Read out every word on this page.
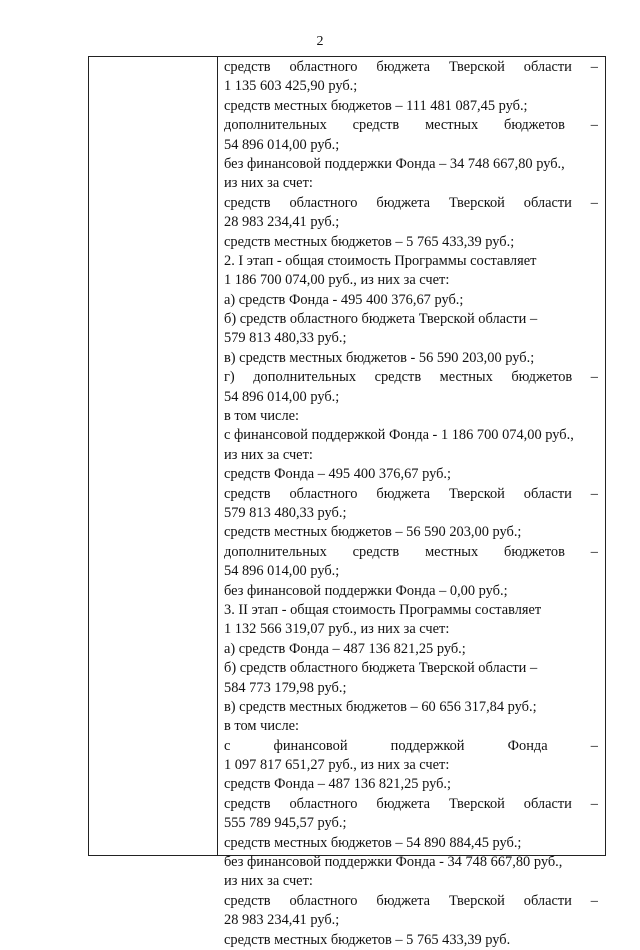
2
средств областного бюджета Тверской области –
1 135 603 425,90 руб.;
средств местных бюджетов – 111 481 087,45 руб.;
дополнительных средств местных бюджетов –
54 896 014,00 руб.;
без финансовой поддержки Фонда – 34 748 667,80 руб.,
из них за счет:
средств областного бюджета Тверской области –
28 983 234,41 руб.;
средств местных бюджетов – 5 765 433,39 руб.;
2. I этап - общая стоимость Программы составляет
1 186 700 074,00 руб., из них за счет:
а) средств Фонда - 495 400 376,67 руб.;
б) средств областного бюджета Тверской области –
579 813 480,33 руб.;
в) средств местных бюджетов - 56 590 203,00 руб.;
г) дополнительных средств местных бюджетов –
54 896 014,00 руб.;
в том числе:
с финансовой поддержкой Фонда - 1 186 700 074,00 руб.,
из них за счет:
средств Фонда – 495 400 376,67 руб.;
средств областного бюджета Тверской области –
579 813 480,33 руб.;
средств местных бюджетов – 56 590 203,00 руб.;
дополнительных средств местных бюджетов –
54 896 014,00 руб.;
без финансовой поддержки Фонда – 0,00 руб.;
3. II этап - общая стоимость Программы составляет
1 132 566 319,07 руб., из них за счет:
а) средств Фонда – 487 136 821,25 руб.;
б) средств областного бюджета Тверской области –
584 773 179,98 руб.;
в) средств местных бюджетов – 60 656 317,84 руб.;
в том числе:
с	финансовой	поддержкой	Фонда	–
1 097 817 651,27 руб., из них за счет:
средств Фонда – 487 136 821,25 руб.;
средств областного бюджета Тверской области –
555 789 945,57 руб.;
средств местных бюджетов – 54 890 884,45 руб.;
без финансовой поддержки Фонда - 34 748 667,80 руб.,
из них за счет:
средств областного бюджета Тверской области –
28 983 234,41 руб.;
средств местных бюджетов – 5 765 433,39 руб.
